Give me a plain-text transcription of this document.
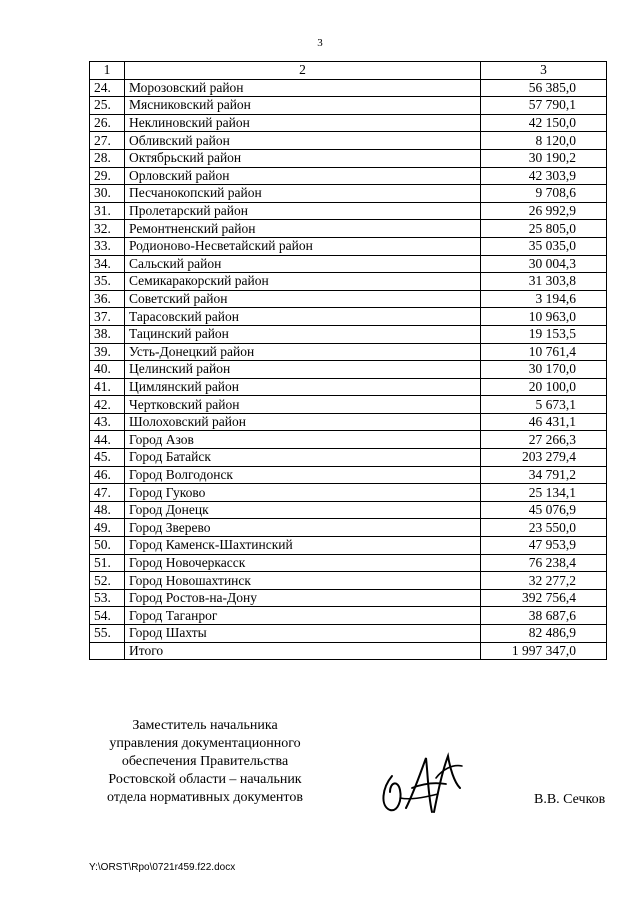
3
1	2	3
24.	Морозовский район	56 385,0
25.	Мясниковский район	57 790,1
26.	Неклиновский район	42 150,0
27.	Обливский район	8 120,0
28.	Октябрьский район	30 190,2
29.	Орловский район	42 303,9
30.	Песчанокопский район	9 708,6
31.	Пролетарский район	26 992,9
32.	Ремонтненский район	25 805,0
33.	Родионово-Несветайский район	35 035,0
34.	Сальский район	30 004,3
35.	Семикаракорский район	31 303,8
36.	Советский район	3 194,6
37.	Тарасовский район	10 963,0
38.	Тацинский район	19 153,5
39.	Усть-Донецкий район	10 761,4
40.	Целинский район	30 170,0
41.	Цимлянский район	20 100,0
42.	Чертковский район	5 673,1
43.	Шолоховский район	46 431,1
44.	Город Азов	27 266,3
45.	Город Батайск	203 279,4
46.	Город Волгодонск	34 791,2
47.	Город Гуково	25 134,1
48.	Город Донецк	45 076,9
49.	Город Зверево	23 550,0
50.	Город Каменск-Шахтинский	47 953,9
51.	Город Новочеркасск	76 238,4
52.	Город Новошахтинск	32 277,2
53.	Город Ростов-на-Дону	392 756,4
54.	Город Таганрог	38 687,6
55.	Город Шахты	82 486,9
	Итого	1 997 347,0
Заместитель начальника
управления документационного
обеспечения Правительства
Ростовской области – начальник
отдела нормативных документов	В.В. Сечков
Y:\ORST\Rpo\0721r459.f22.docx
